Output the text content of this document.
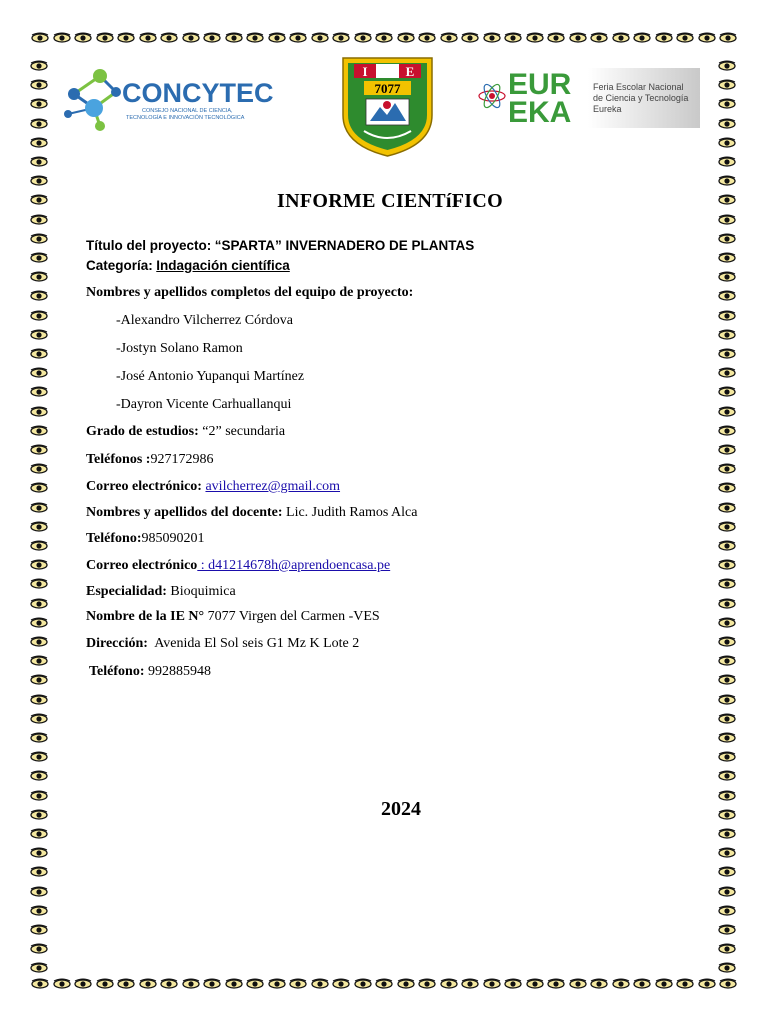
CONCYTEC
CONSEJO NACIONAL DE CIENCIA,
TECNOLOGÍA E INNOVACIÓN TECNOLÓGICA
I	E
7077	EUR
EKA
Feria Escolar Nacional
de Ciencia y Tecnología
Eureka
INFORME CIENTíFICO
Título del proyecto: “SPARTA” INVERNADERO DE PLANTAS
Categoría: Indagación científica
Nombres y apellidos completos del equipo de proyecto:
-Alexandro Vilcherrez Córdova
-Jostyn Solano Ramon
-José Antonio Yupanqui Martínez
-Dayron Vicente Carhuallanqui
Grado de estudios: “2” secundaria
Teléfonos :927172986
Correo electrónico: avilcherrez@gmail.com
Nombres y apellidos del docente: Lic. Judith Ramos Alca
Teléfono:985090201
Correo electrónico : d41214678h@aprendoencasa.pe
Especialidad: Bioquimica
Nombre de la IE N° 7077 Virgen del Carmen -VES
Dirección: Avenida El Sol seis G1 Mz K Lote 2
Teléfono: 992885948
2024
